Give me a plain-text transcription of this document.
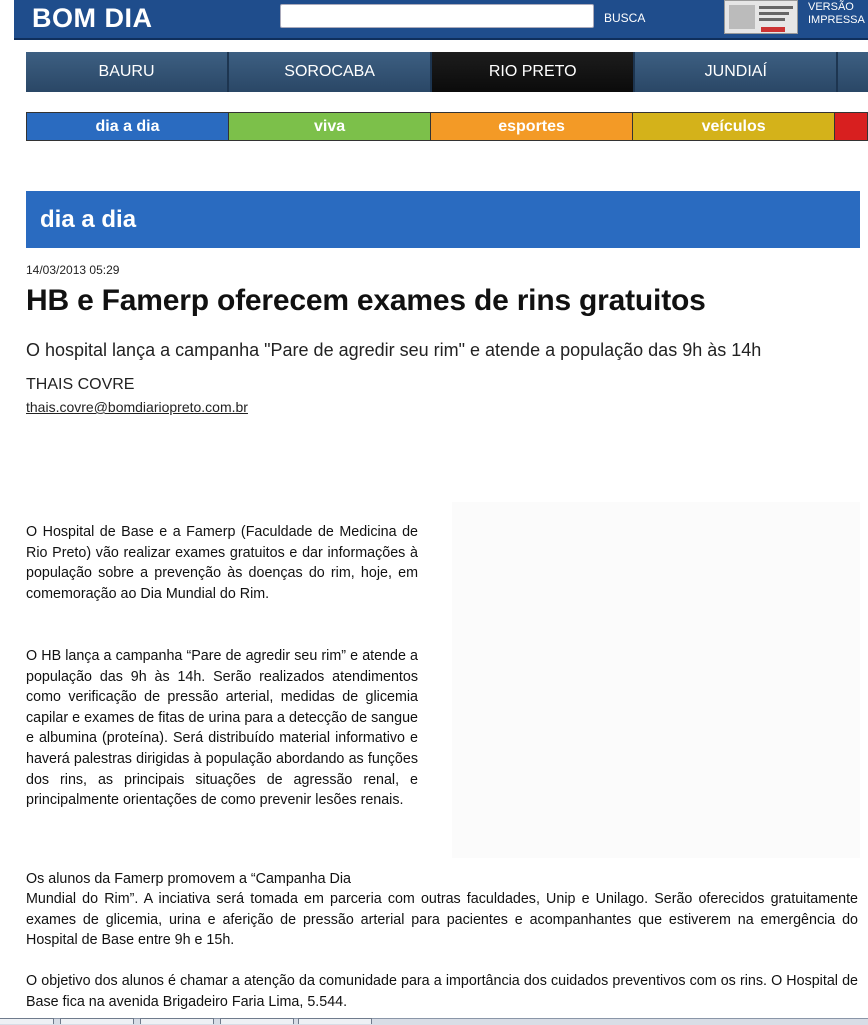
BOM DIA	BUSCA
VERSÃO
IMPRESSA
BAURU	SOROCABA	RIO PRETO	JUNDIAÍ
dia a dia	viva	esportes	veículos
dia a dia
14/03/2013 05:29
HB e Famerp oferecem exames de rins gratuitos
O hospital lança a campanha "Pare de agredir seu rim" e atende a população das 9h às 14h
THAIS COVRE
thais.covre@bomdiariopreto.com.br

O Hospital de Base e a Famerp (Faculdade de Medicina de Rio Preto) vão realizar exames gratuitos e dar informações à população sobre a prevenção às doenças do rim, hoje, em comemoração ao Dia Mundial do Rim.

O HB lança a campanha “Pare de agredir seu rim” e atende a população das 9h às 14h. Serão realizados atendimentos como verificação de pressão arterial, medidas de glicemia capilar e exames de fitas de urina para a detecção de sangue e albumina (proteína). Será distribuído material informativo e haverá palestras dirigidas à população abordando as funções dos rins, as principais situações de agressão renal, e principalmente orientações de como prevenir lesões renais.

Os alunos da Famerp promovem a “Campanha Dia

Mundial do Rim”. A inciativa será tomada em parceria com outras faculdades, Unip e Unilago. Serão oferecidos gratuitamente exames de glicemia, urina e aferição de pressão arterial para pacientes e acompanhantes que estiverem na emergência do Hospital de Base entre 9h e 15h.

O objetivo dos alunos é chamar a atenção da comunidade para a importância dos cuidados preventivos com os rins. O Hospital de Base fica na avenida Brigadeiro Faria Lima, 5.544.
